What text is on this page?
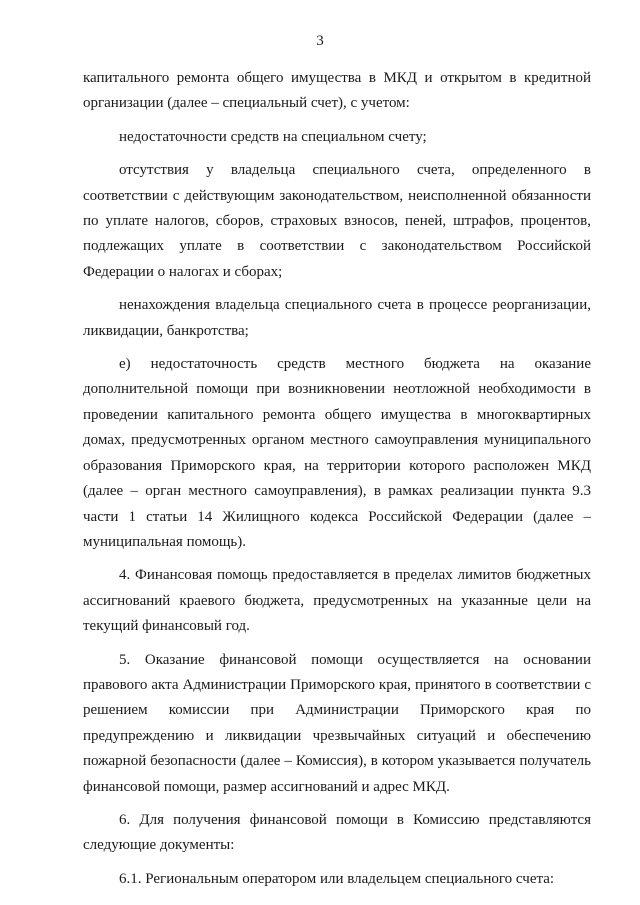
3

капитального ремонта общего имущества в МКД и открытом в кредитной организации (далее – специальный счет), с учетом:

недостаточности средств на специальном счету;

отсутствия у владельца специального счета, определенного в соответствии с действующим законодательством, неисполненной обязанности по уплате налогов, сборов, страховых взносов, пеней, штрафов, процентов, подлежащих уплате в соответствии с законодательством Российской Федерации о налогах и сборах;

ненахождения владельца специального счета в процессе реорганизации, ликвидации, банкротства;

е) недостаточность средств местного бюджета на оказание дополнительной помощи при возникновении неотложной необходимости в проведении капитального ремонта общего имущества в многоквартирных домах, предусмотренных органом местного самоуправления муниципального образования Приморского края, на территории которого расположен МКД (далее – орган местного самоуправления), в рамках реализации пункта 9.3 части 1 статьи 14 Жилищного кодекса Российской Федерации (далее – муниципальная помощь).

4. Финансовая помощь предоставляется в пределах лимитов бюджетных ассигнований краевого бюджета, предусмотренных на указанные цели на текущий финансовый год.

5. Оказание финансовой помощи осуществляется на основании правового акта Администрации Приморского края, принятого в соответствии с решением комиссии при Администрации Приморского края по предупреждению и ликвидации чрезвычайных ситуаций и обеспечению пожарной безопасности (далее – Комиссия), в котором указывается получатель финансовой помощи, размер ассигнований и адрес МКД.

6. Для получения финансовой помощи в Комиссию представляются следующие документы:

6.1. Региональным оператором или владельцем специального счета:
